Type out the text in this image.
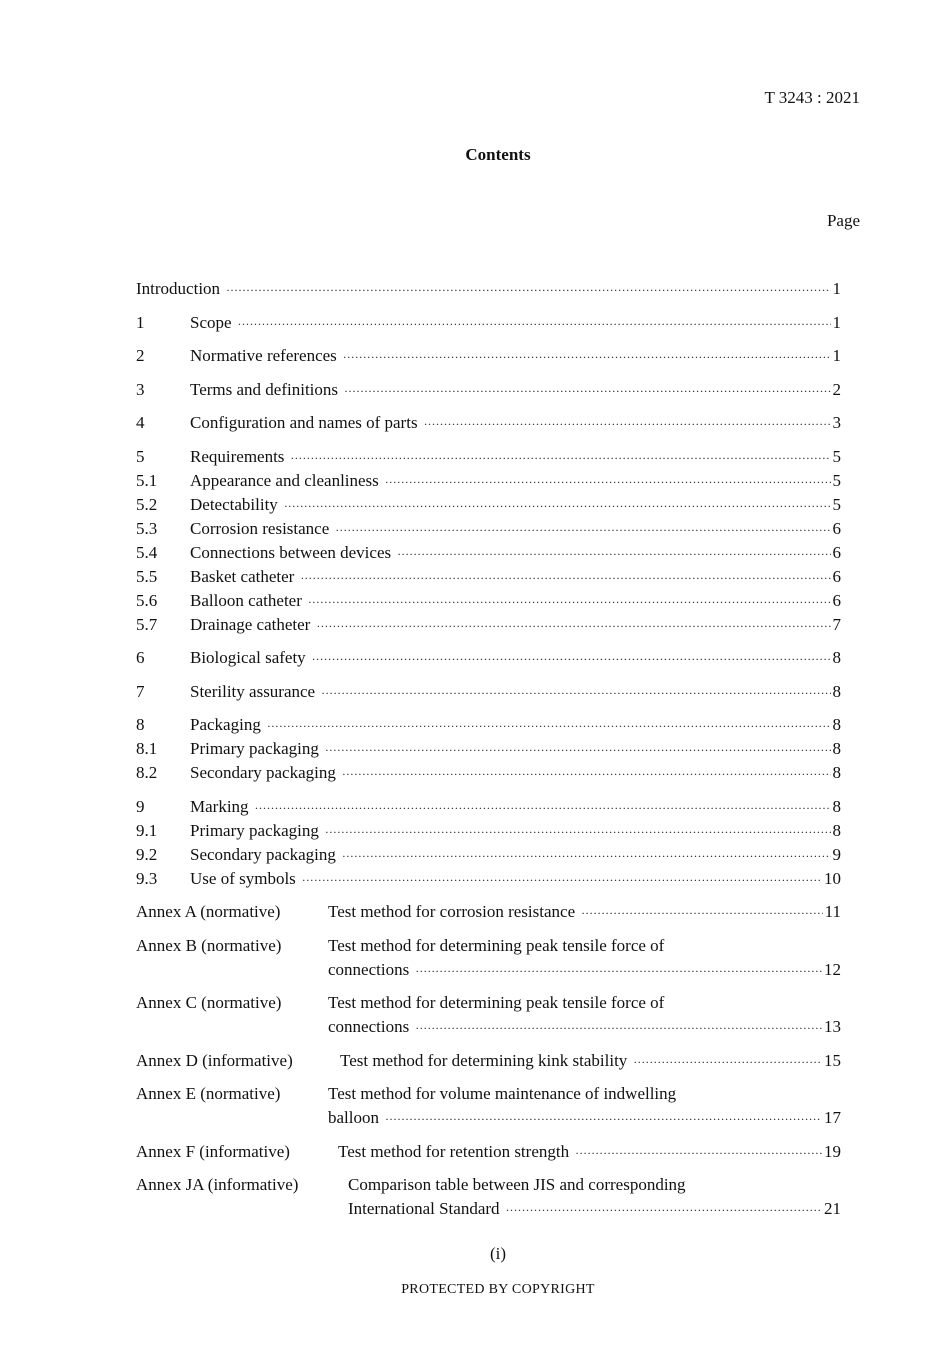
T 3243 : 2021
Contents
Page
Introduction ·····	1
1	Scope ·····	1
2	Normative references ·····	1
3	Terms and definitions ·····	2
4	Configuration and names of parts ·····	3
5	Requirements ·····	5
5.1	Appearance and cleanliness ·····	5
5.2	Detectability ·····	5
5.3	Corrosion resistance ·····	6
5.4	Connections between devices ·····	6
5.5	Basket catheter ·····	6
5.6	Balloon catheter ·····	6
5.7	Drainage catheter ·····	7
6	Biological safety ·····	8
7	Sterility assurance ·····	8
8	Packaging ·····	8
8.1	Primary packaging ·····	8
8.2	Secondary packaging ·····	8
9	Marking ·····	8
9.1	Primary packaging ·····	8
9.2	Secondary packaging ·····	9
9.3	Use of symbols ·····	10
Annex A (normative)	Test method for corrosion resistance ·····	11
Annex B (normative)	Test method for determining peak tensile force of
connections ·····	12
Annex C (normative)	Test method for determining peak tensile force of
connections ·····	13
Annex D (informative)	Test method for determining kink stability ·····	15
Annex E (normative)	Test method for volume maintenance of indwelling
balloon ·····	17
Annex F (informative)	Test method for retention strength ·····	19
Annex JA (informative)	Comparison table between JIS and corresponding
International Standard ·····	21
(i)
PROTECTED BY COPYRIGHT
